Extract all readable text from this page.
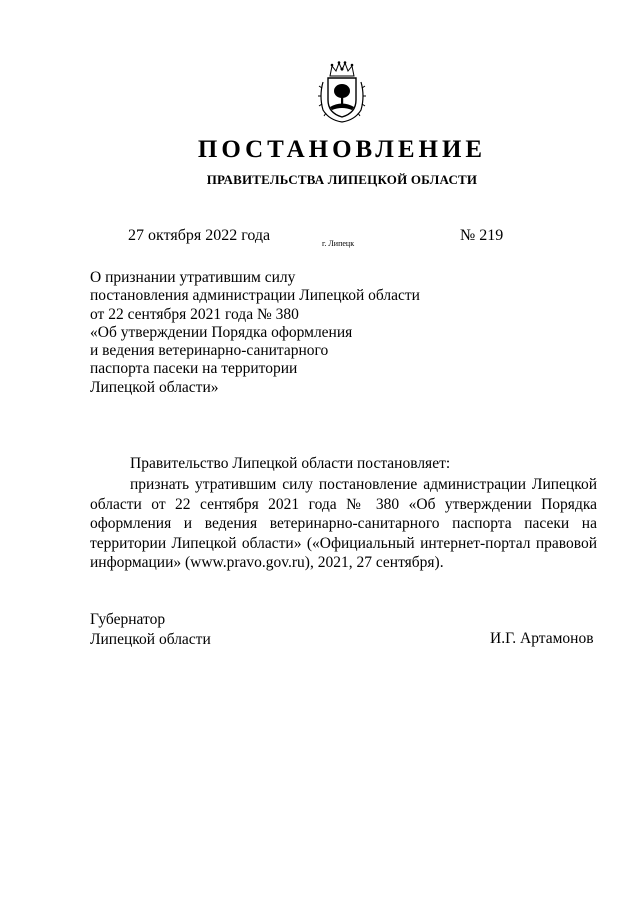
ПОСТАНОВЛЕНИЕ
ПРАВИТЕЛЬСТВА ЛИПЕЦКОЙ ОБЛАСТИ
27 октября 2022 года	г. Липецк	№ 219
О признании утратившим силу
постановления администрации Липецкой области
от 22 сентября 2021 года № 380
«Об утверждении Порядка оформления
и ведения ветеринарно-санитарного
паспорта пасеки на территории
Липецкой области»
Правительство Липецкой области постановляет:
признать утратившим силу постановление администрации Липецкой области от 22 сентября 2021 года № 380 «Об утверждении Порядка оформления и ведения ветеринарно-санитарного паспорта пасеки на территории Липецкой области» («Официальный интернет-портал правовой информации» (www.pravo.gov.ru), 2021, 27 сентября).
Губернатор
Липецкой области	И.Г. Артамонов
